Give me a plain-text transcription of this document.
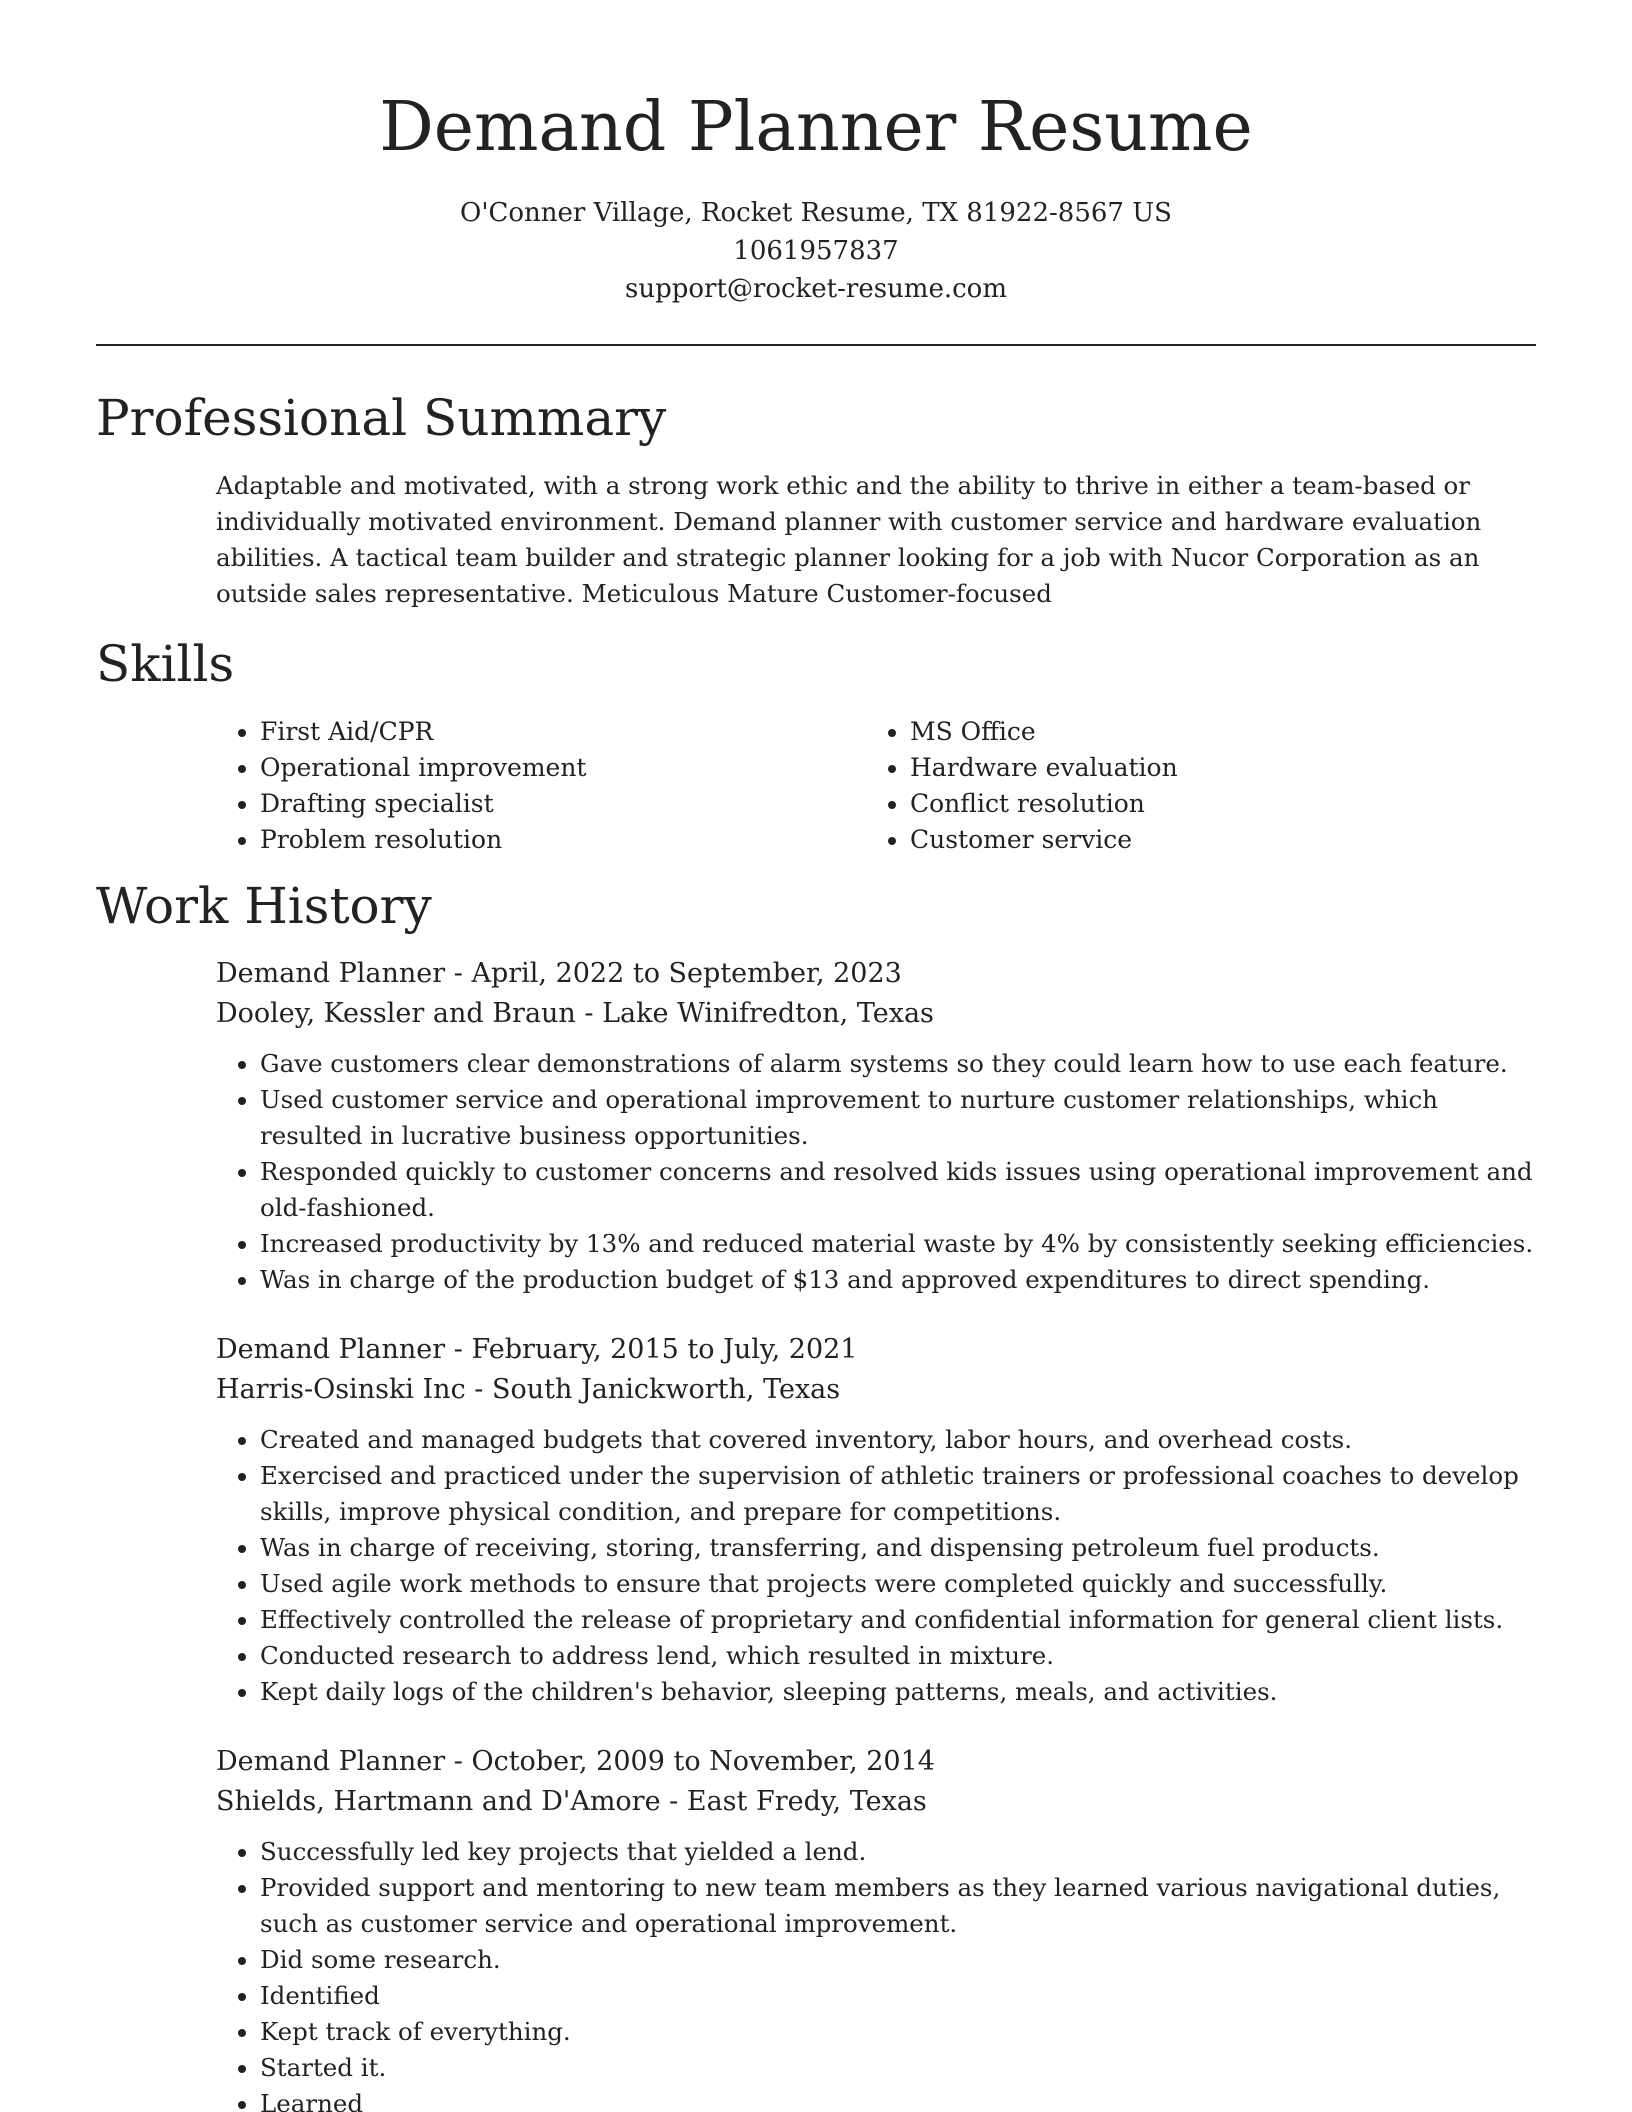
Demand Planner Resume
O'Conner Village, Rocket Resume, TX 81922-8567 US
1061957837
support@rocket-resume.com
Professional Summary

Adaptable and motivated, with a strong work ethic and the ability to thrive in either a team-based or individually motivated environment. Demand planner with customer service and hardware evaluation abilities. A tactical team builder and strategic planner looking for a job with Nucor Corporation as an outside sales representative. Meticulous Mature Customer-focused

Skills
• First Aid/CPR
• Operational improvement
• Drafting specialist
• Problem resolution
• MS Office
• Hardware evaluation
• Conflict resolution
• Customer service
Work History
Demand Planner - April, 2022 to September, 2023
Dooley, Kessler and Braun - Lake Winifredton, Texas
• Gave customers clear demonstrations of alarm systems so they could learn how to use each feature.
• Used customer service and operational improvement to nurture customer relationships, which resulted in lucrative business opportunities.
• Responded quickly to customer concerns and resolved kids issues using operational improvement and old-fashioned.
• Increased productivity by 13% and reduced material waste by 4% by consistently seeking efficiencies.
• Was in charge of the production budget of $13 and approved expenditures to direct spending.
Demand Planner - February, 2015 to July, 2021
Harris-Osinski Inc - South Janickworth, Texas
• Created and managed budgets that covered inventory, labor hours, and overhead costs.
• Exercised and practiced under the supervision of athletic trainers or professional coaches to develop skills, improve physical condition, and prepare for competitions.
• Was in charge of receiving, storing, transferring, and dispensing petroleum fuel products.
• Used agile work methods to ensure that projects were completed quickly and successfully.
• Effectively controlled the release of proprietary and confidential information for general client lists.
• Conducted research to address lend, which resulted in mixture.
• Kept daily logs of the children's behavior, sleeping patterns, meals, and activities.
Demand Planner - October, 2009 to November, 2014
Shields, Hartmann and D'Amore - East Fredy, Texas
• Successfully led key projects that yielded a lend.
• Provided support and mentoring to new team members as they learned various navigational duties, such as customer service and operational improvement.
• Did some research.
• Identified
• Kept track of everything.
• Started it.
• Learned
